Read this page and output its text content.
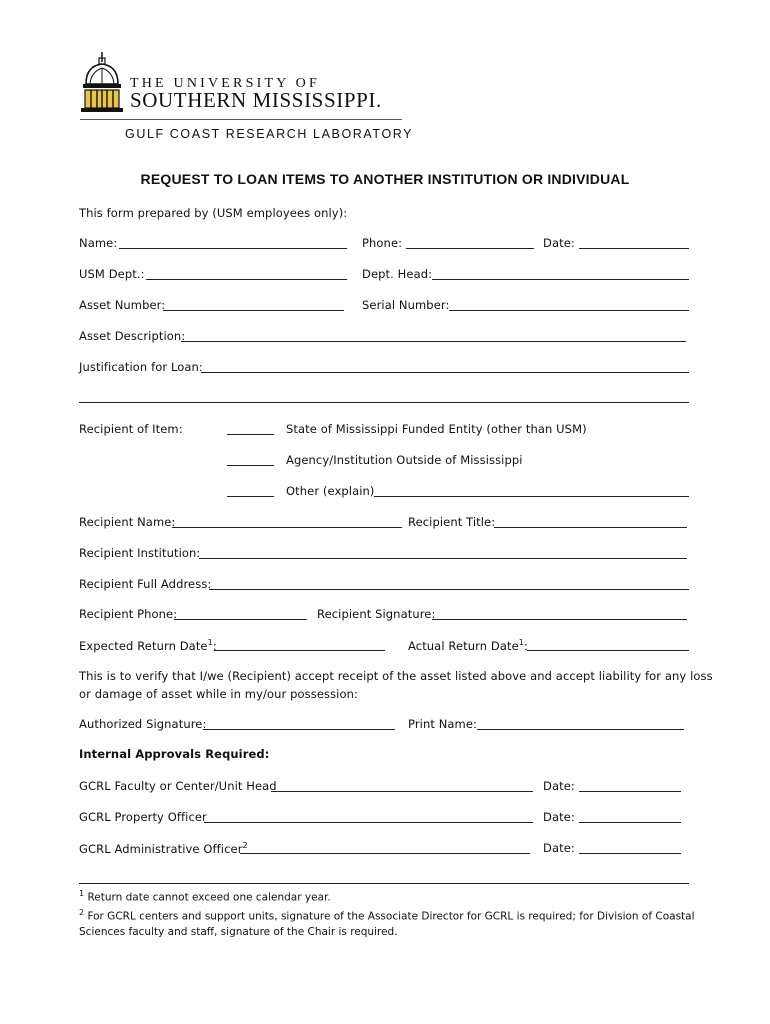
THE UNIVERSITY OF
SOUTHERN MISSISSIPPI.
GULF COAST RESEARCH LABORATORY
REQUEST TO LOAN ITEMS TO ANOTHER INSTITUTION OR INDIVIDUAL
This form prepared by (USM employees only):
Name:	Phone:	Date:
USM Dept.:	Dept. Head:
Asset Number:	Serial Number:
Asset Description:
Justification for Loan:
Recipient of Item:	State of Mississippi Funded Entity (other than USM)
Agency/Institution Outside of Mississippi
Other (explain)
Recipient Name:	Recipient Title:
Recipient Institution:
Recipient Full Address:
Recipient Phone:	Recipient Signature:
Expected Return Date$^1$:	Actual Return Date$^1$:
This is to verify that I/we (Recipient) accept receipt of the asset listed above and accept liability for any loss
or damage of asset while in my/our possession:
Authorized Signature:	Print Name:
Internal Approvals Required:
GCRL Faculty or Center/Unit Head	Date:
GCRL Property Officer	Date:
GCRL Administrative Officer$^2$	Date:
$^1$ Return date cannot exceed one calendar year.
$^2$ For GCRL centers and support units, signature of the Associate Director for GCRL is required; for Division of Coastal
Sciences faculty and staff, signature of the Chair is required.
